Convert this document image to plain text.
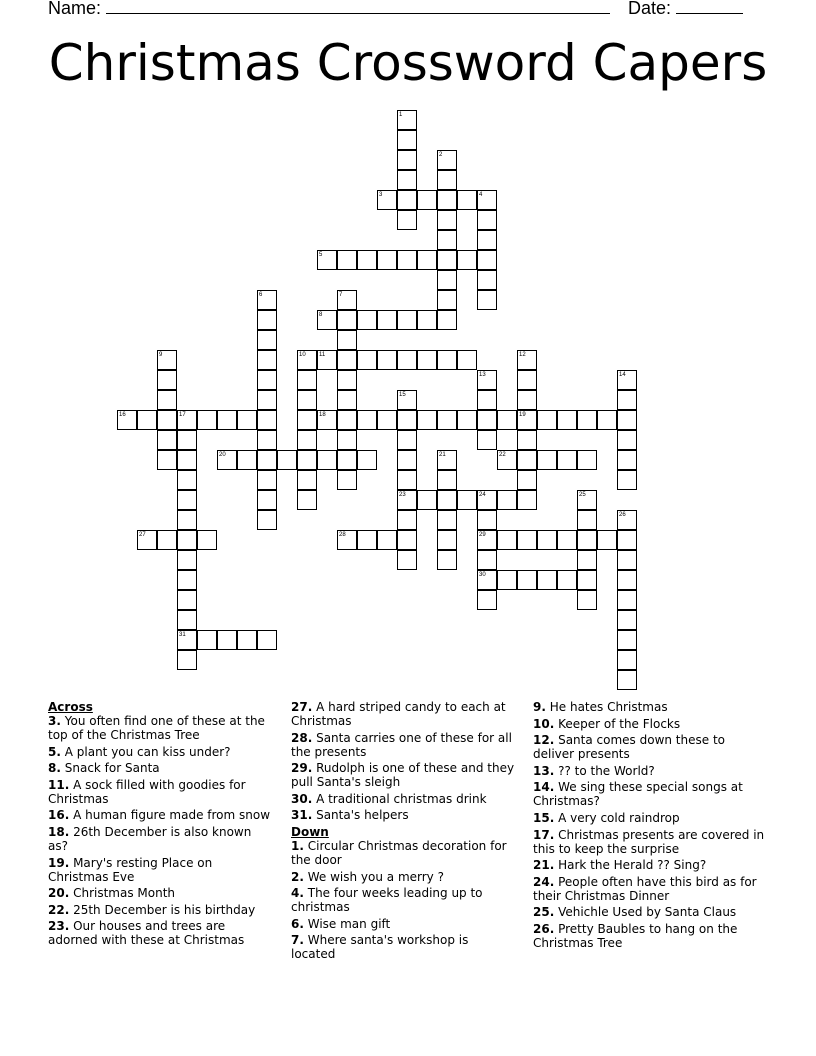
Name:	Date:
Christmas Crossword Capers
1
2
3	4
5
6	7
8
9	10 11	12
13	14
15
16	17	18	19
20	21	22
23	24	25
26
27	28	29
30
31
Across
3. You often find one of these at the top of the Christmas Tree
5. A plant you can kiss under?
8. Snack for Santa
11. A sock filled with goodies for Christmas
16. A human figure made from snow
18. 26th December is also known as?
19. Mary's resting Place on Christmas Eve
20. Christmas Month
22. 25th December is his birthday
23. Our houses and trees are adorned with these at Christmas
27. A hard striped candy to each at Christmas
28. Santa carries one of these for all the presents
29. Rudolph is one of these and they pull Santa's sleigh
30. A traditional christmas drink
31. Santa's helpers
Down
1. Circular Christmas decoration for the door
2. We wish you a merry ?
4. The four weeks leading up to christmas
6. Wise man gift
7. Where santa's workshop is located
9. He hates Christmas
10. Keeper of the Flocks
12. Santa comes down these to deliver presents
13. ?? to the World?
14. We sing these special songs at Christmas?
15. A very cold raindrop
17. Christmas presents are covered in this to keep the surprise
21. Hark the Herald ?? Sing?
24. People often have this bird as for their Christmas Dinner
25. Vehichle Used by Santa Claus
26. Pretty Baubles to hang on the Christmas Tree
